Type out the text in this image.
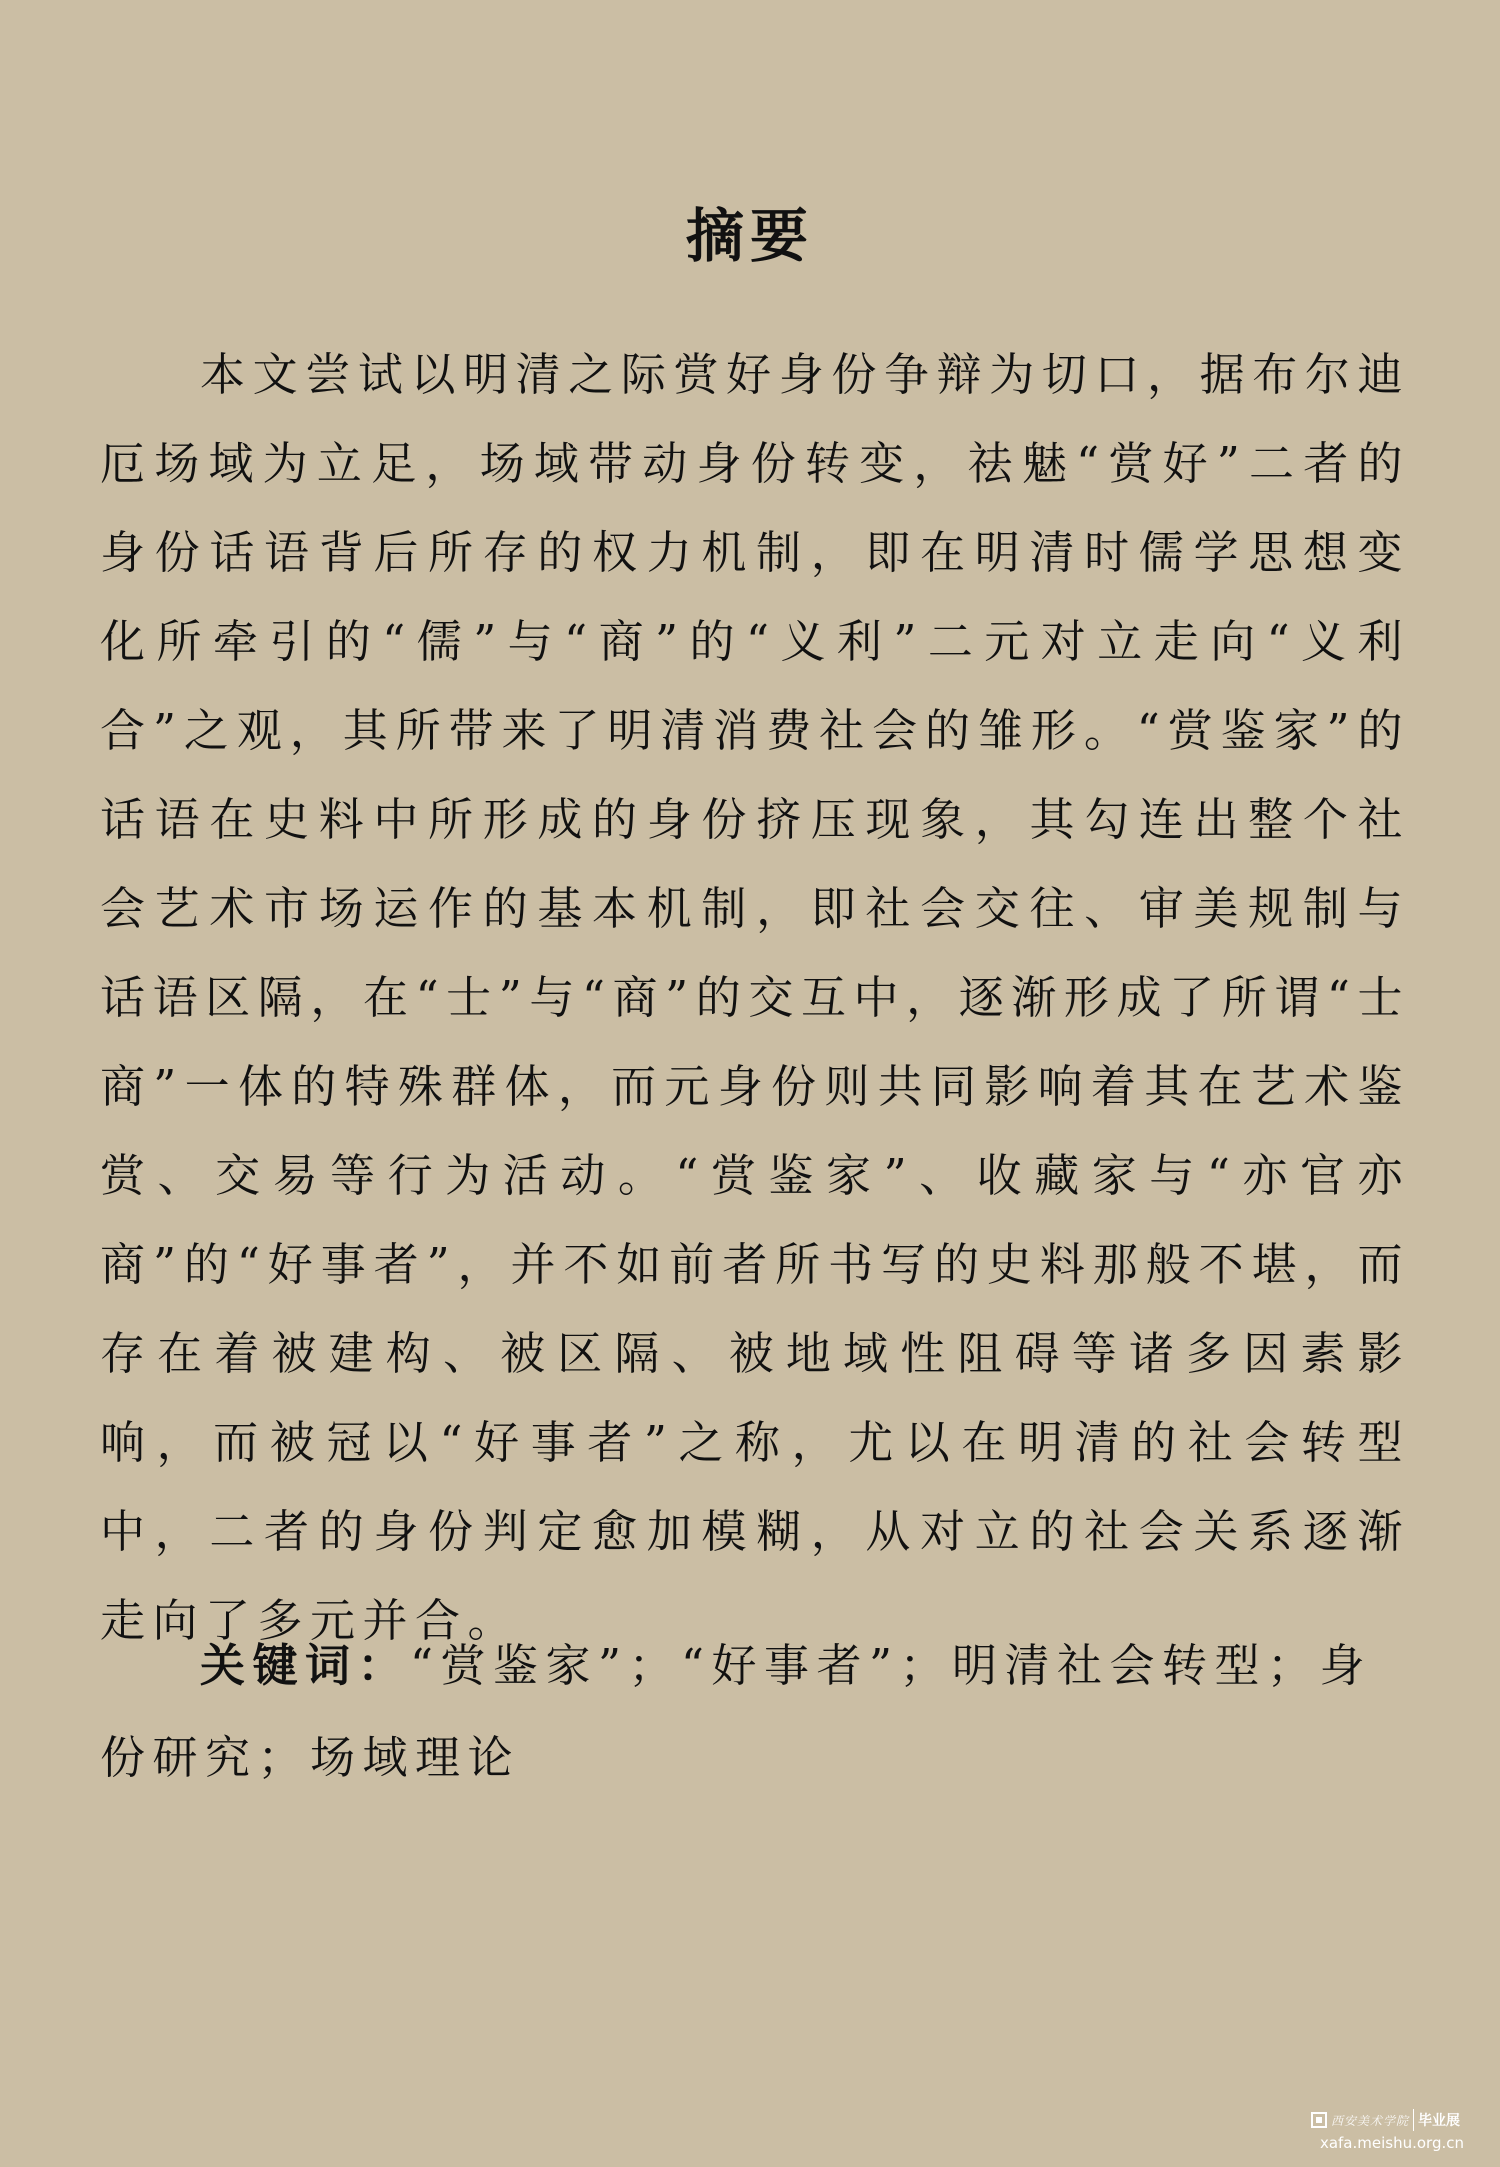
摘要

本文尝试以明清之际赏好身份争辩为切口，据布尔迪厄场域为立足，场域带动身份转变，祛魅“赏好”二者的身份话语背后所存的权力机制，即在明清时儒学思想变化所牵引的“儒”与“商”的“义利”二元对立走向“义利合”之观，其所带来了明清消费社会的雏形。“赏鉴家”的话语在史料中所形成的身份挤压现象，其勾连出整个社会艺术市场运作的基本机制，即社会交往、审美规制与话语区隔，在“士”与“商”的交互中，逐渐形成了所谓“士商”一体的特殊群体，而元身份则共同影响着其在艺术鉴赏、交易等行为活动。“赏鉴家”、收藏家与“亦官亦商”的“好事者”，并不如前者所书写的史料那般不堪，而存在着被建构、被区隔、被地域性阻碍等诸多因素影响，而被冠以“好事者”之称，尤以在明清的社会转型中，二者的身份判定愈加模糊，从对立的社会关系逐渐走向了多元并合。

关键词：“赏鉴家”；“好事者”；明清社会转型；身份研究；场域理论

西安美术学院 毕业展
xafa.meishu.org.cn
